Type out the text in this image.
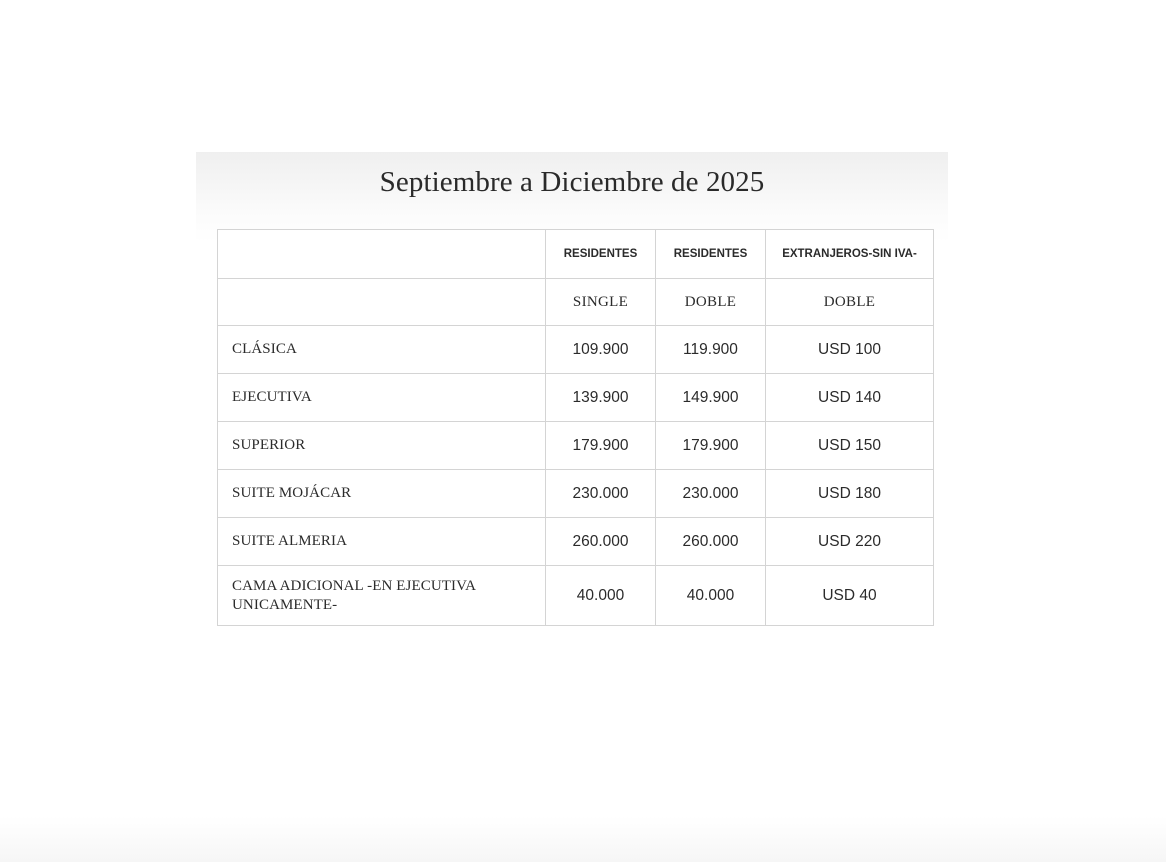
Septiembre a Diciembre de 2025
	RESIDENTES	RESIDENTES	EXTRANJEROS-SIN IVA-
	SINGLE	DOBLE	DOBLE
CLÁSICA	109.900	119.900	USD 100
EJECUTIVA	139.900	149.900	USD 140
SUPERIOR	179.900	179.900	USD 150
SUITE MOJÁCAR	230.000	230.000	USD 180
SUITE ALMERIA	260.000	260.000	USD 220
CAMA ADICIONAL -EN EJECUTIVA UNICAMENTE-	40.000	40.000	USD 40
